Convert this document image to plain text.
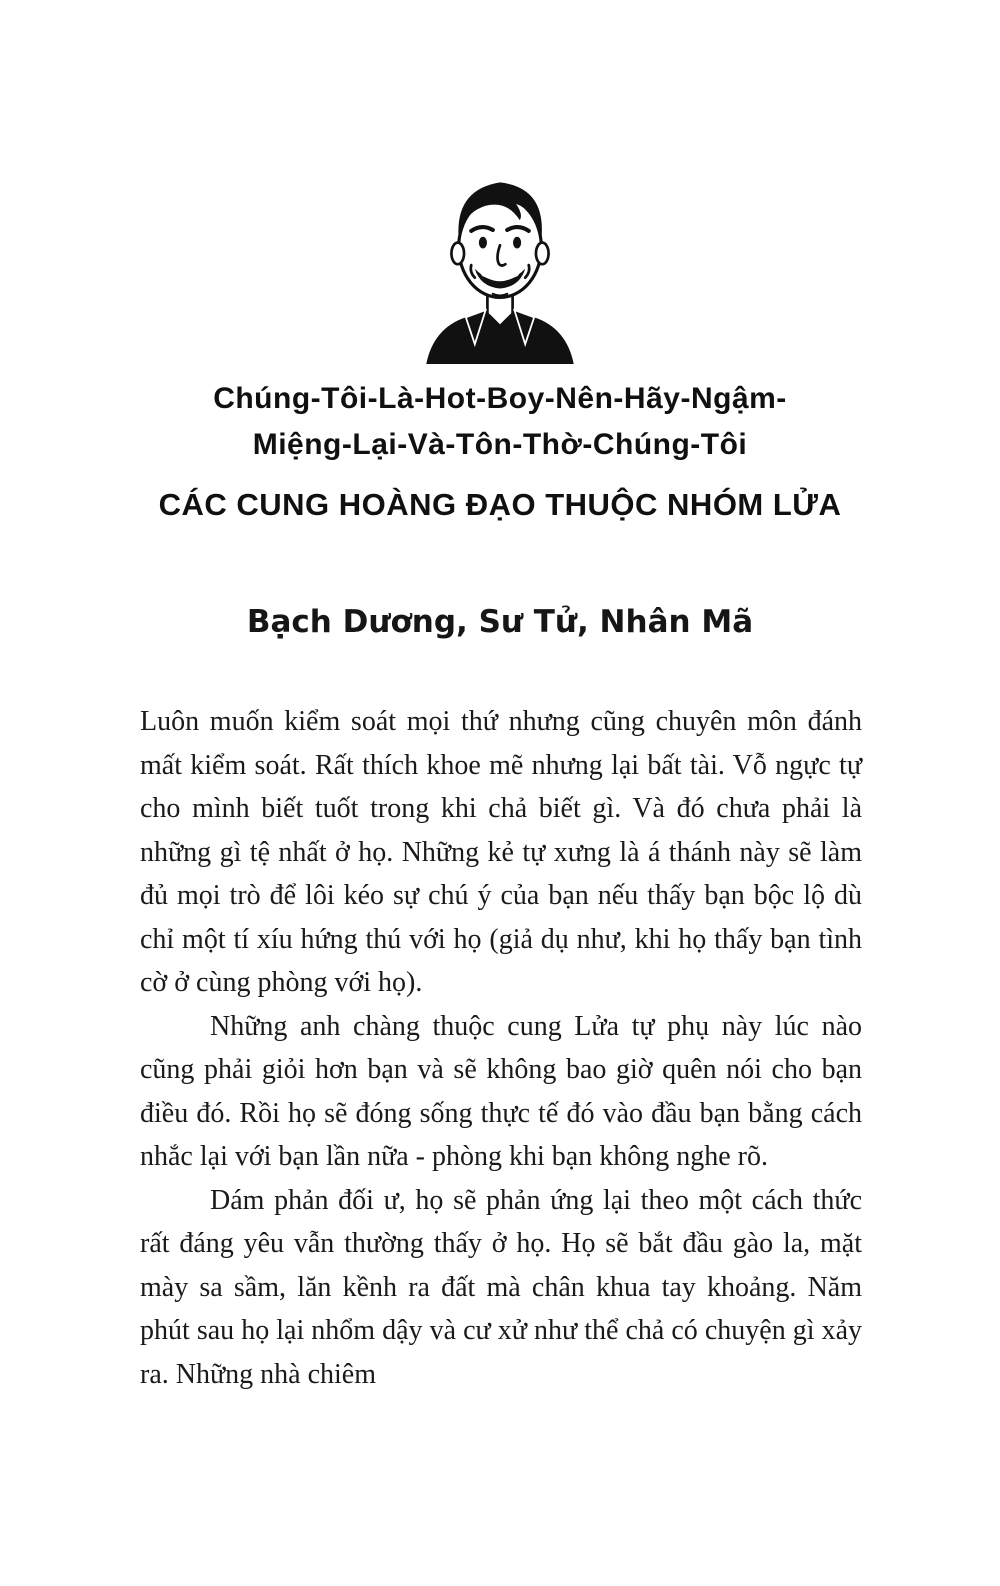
Chúng-Tôi-Là-Hot-Boy-Nên-Hãy-Ngậm-
Miệng-Lại-Và-Tôn-Thờ-Chúng-Tôi
CÁC CUNG HOÀNG ĐẠO THUỘC NHÓM LỬA
Bạch Dương, Sư Tử, Nhân Mã

Luôn muốn kiểm soát mọi thứ nhưng cũng chuyên môn đánh mất kiểm soát. Rất thích khoe mẽ nhưng lại bất tài. Vỗ ngực tự cho mình biết tuốt trong khi chả biết gì. Và đó chưa phải là những gì tệ nhất ở họ. Những kẻ tự xưng là á thánh này sẽ làm đủ mọi trò để lôi kéo sự chú ý của bạn nếu thấy bạn bộc lộ dù chỉ một tí xíu hứng thú với họ (giả dụ như, khi họ thấy bạn tình cờ ở cùng phòng với họ).

Những anh chàng thuộc cung Lửa tự phụ này lúc nào cũng phải giỏi hơn bạn và sẽ không bao giờ quên nói cho bạn điều đó. Rồi họ sẽ đóng sống thực tế đó vào đầu bạn bằng cách nhắc lại với bạn lần nữa - phòng khi bạn không nghe rõ.

Dám phản đối ư, họ sẽ phản ứng lại theo một cách thức rất đáng yêu vẫn thường thấy ở họ. Họ sẽ bắt đầu gào la, mặt mày sa sầm, lăn kềnh ra đất mà chân khua tay khoảng. Năm phút sau họ lại nhổm dậy và cư xử như thể chả có chuyện gì xảy ra. Những nhà chiêm
